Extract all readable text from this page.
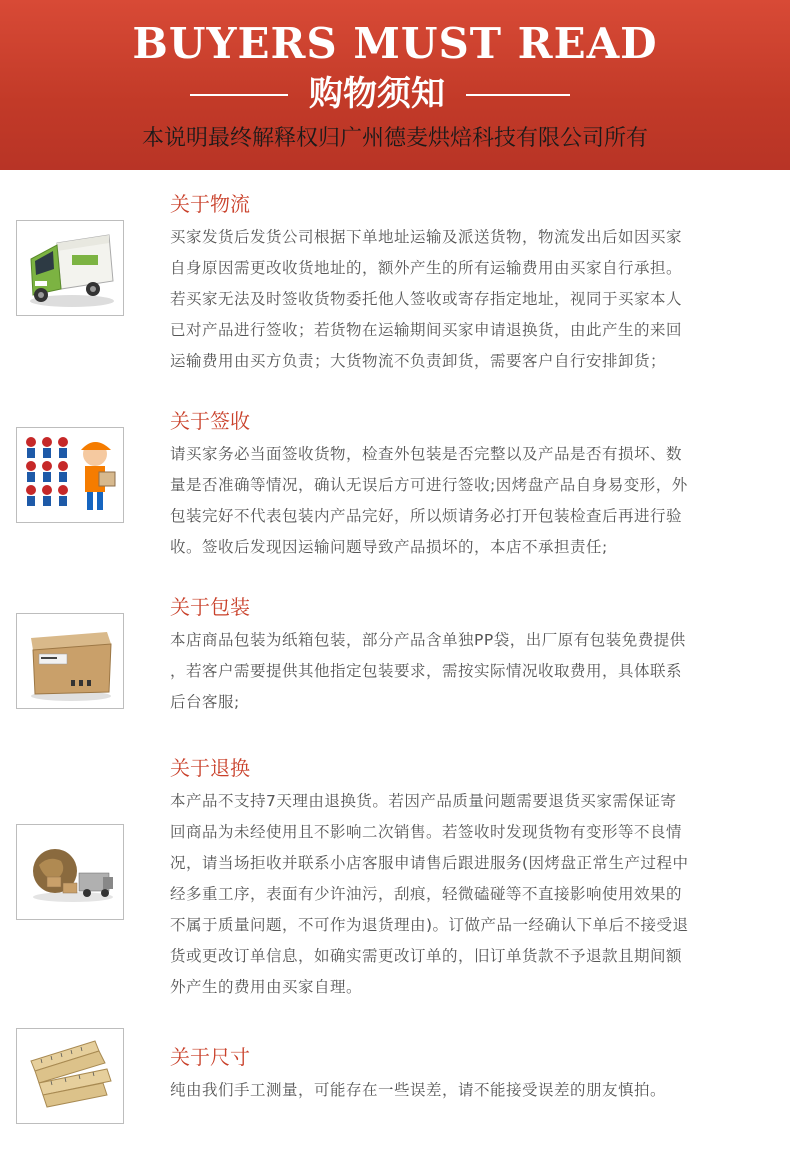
BUYERS MUST READ
购物须知
本说明最终解释权归广州德麦烘焙科技有限公司所有
关于物流
买家发货后发货公司根据下单地址运输及派送货物，物流发出后如因买家
自身原因需更改收货地址的，额外产生的所有运输费用由买家自行承担。
若买家无法及时签收货物委托他人签收或寄存指定地址，视同于买家本人
已对产品进行签收；若货物在运输期间买家申请退换货，由此产生的来回
运输费用由买方负责；大货物流不负责卸货，需要客户自行安排卸货；
关于签收
请买家务必当面签收货物，检查外包装是否完整以及产品是否有损坏、数
量是否准确等情况，确认无误后方可进行签收;因烤盘产品自身易变形，外
包装完好不代表包装内产品完好，所以烦请务必打开包装检查后再进行验
收。签收后发现因运输问题导致产品损坏的，本店不承担责任;
关于包装
本店商品包装为纸箱包装，部分产品含单独PP袋，出厂原有包装免费提供
，若客户需要提供其他指定包装要求，需按实际情况收取费用，具体联系
后台客服;
关于退换
本产品不支持7天理由退换货。若因产品质量问题需要退货买家需保证寄
回商品为未经使用且不影响二次销售。若签收时发现货物有变形等不良情
况，请当场拒收并联系小店客服申请售后跟进服务(因烤盘正常生产过程中
经多重工序，表面有少许油污，刮痕，轻微磕碰等不直接影响使用效果的
不属于质量问题，不可作为退货理由)。订做产品一经确认下单后不接受退
货或更改订单信息，如确实需更改订单的，旧订单货款不予退款且期间额
外产生的费用由买家自理。
关于尺寸
纯由我们手工测量，可能存在一些误差，请不能接受误差的朋友慎拍。
